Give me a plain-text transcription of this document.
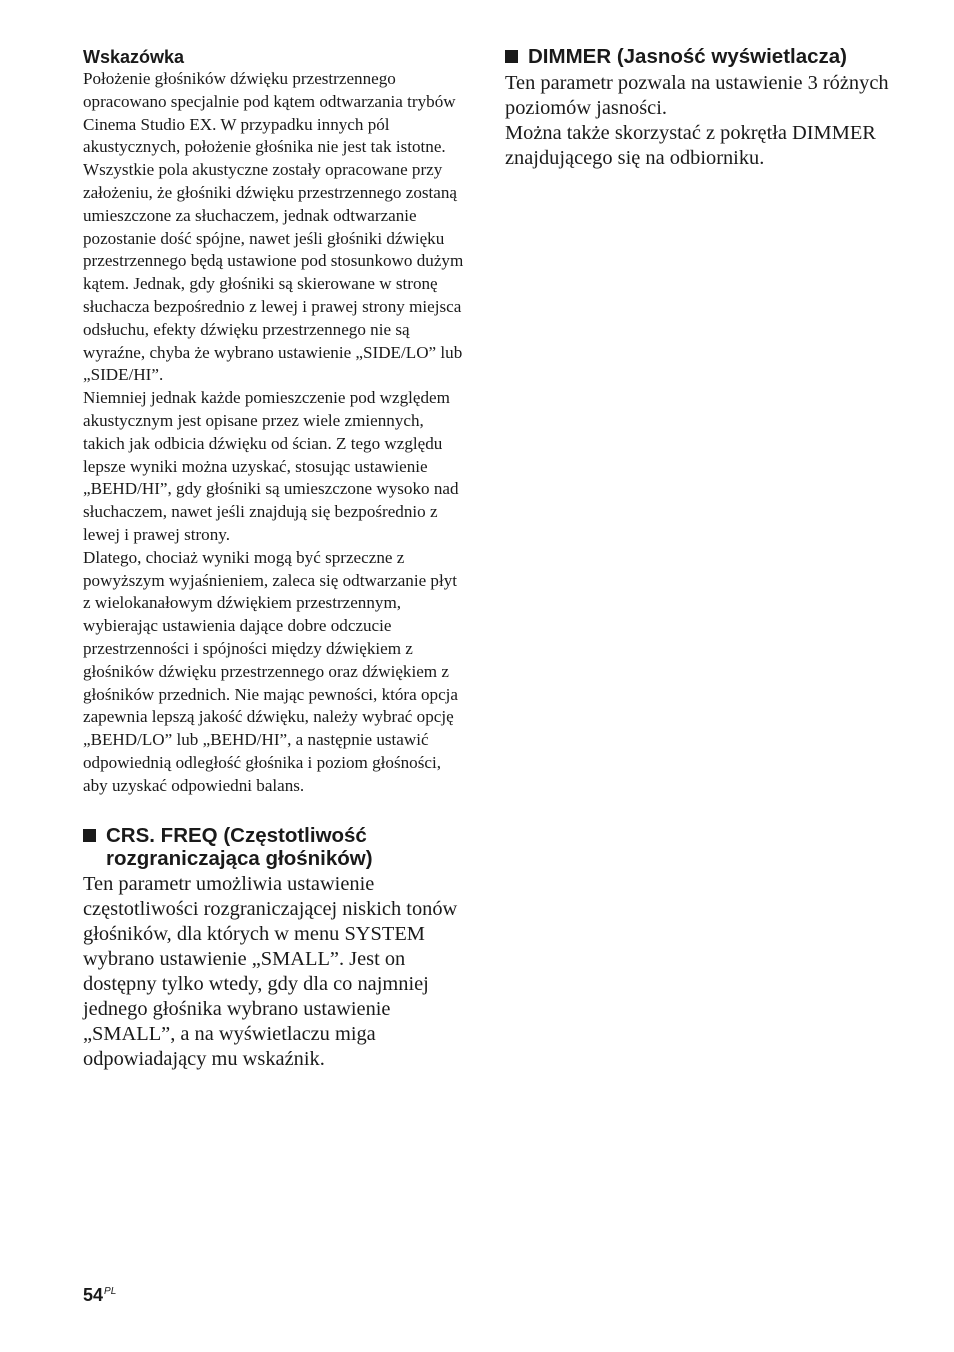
Wskazówka

Położenie głośników dźwięku przestrzennego opracowano specjalnie pod kątem odtwarzania trybów Cinema Studio EX. W przypadku innych pól akustycznych, położenie głośnika nie jest tak istotne.

Wszystkie pola akustyczne zostały opracowane przy założeniu, że głośniki dźwięku przestrzennego zostaną umieszczone za słuchaczem, jednak odtwarzanie pozostanie dość spójne, nawet jeśli głośniki dźwięku przestrzennego będą ustawione pod stosunkowo dużym kątem. Jednak, gdy głośniki są skierowane w stronę słuchacza bezpośrednio z lewej i prawej strony miejsca odsłuchu, efekty dźwięku przestrzennego nie są wyraźne, chyba że wybrano ustawienie „SIDE/LO” lub „SIDE/HI”.

Niemniej jednak każde pomieszczenie pod względem akustycznym jest opisane przez wiele zmiennych, takich jak odbicia dźwięku od ścian. Z tego względu lepsze wyniki można uzyskać, stosując ustawienie „BEHD/HI”, gdy głośniki są umieszczone wysoko nad słuchaczem, nawet jeśli znajdują się bezpośrednio z lewej i prawej strony.

Dlatego, chociaż wyniki mogą być sprzeczne z powyższym wyjaśnieniem, zaleca się odtwarzanie płyt z wielokanałowym dźwiękiem przestrzennym, wybierając ustawienia dające dobre odczucie przestrzenności i spójności między dźwiękiem z głośników dźwięku przestrzennego oraz dźwiękiem z głośników przednich. Nie mając pewności, która opcja zapewnia lepszą jakość dźwięku, należy wybrać opcję „BEHD/LO” lub „BEHD/HI”, a następnie ustawić odpowiednią odległość głośnika i poziom głośności, aby uzyskać odpowiedni balans.

CRS. FREQ (Częstotliwość rozgraniczająca głośników)

Ten parametr umożliwia ustawienie częstotliwości rozgraniczającej niskich tonów głośników, dla których w menu SYSTEM wybrano ustawienie „SMALL”. Jest on dostępny tylko wtedy, gdy dla co najmniej jednego głośnika wybrano ustawienie „SMALL”, a na wyświetlaczu miga odpowiadający mu wskaźnik.

DIMMER (Jasność wyświetlacza)

Ten parametr pozwala na ustawienie 3 różnych poziomów jasności.

Można także skorzystać z pokrętła DIMMER znajdującego się na odbiorniku.

$54^{PL}$
